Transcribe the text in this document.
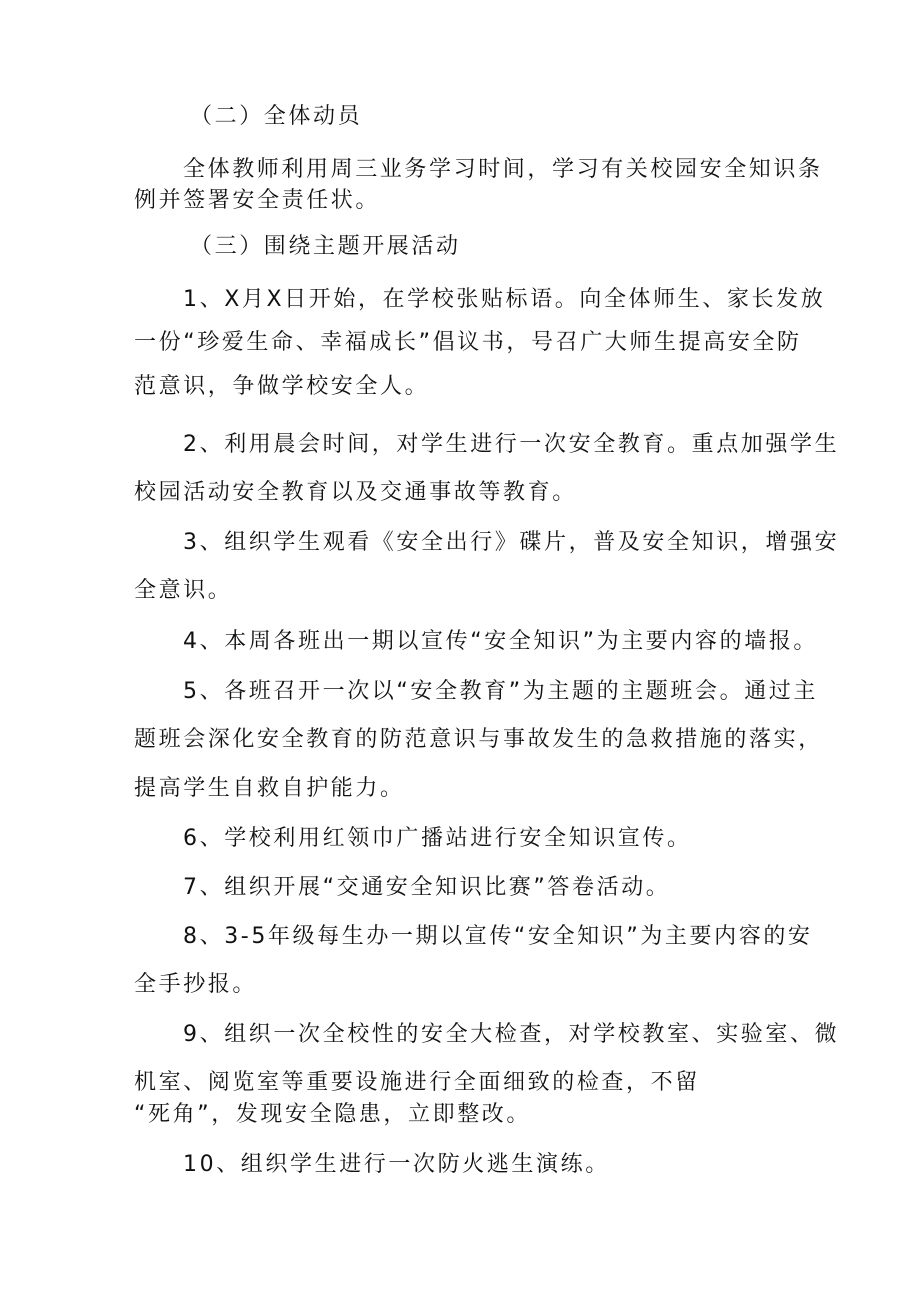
（二）全体动员
全体教师利用周三业务学习时间，学习有关校园安全知识条
例并签署安全责任状。
（三）围绕主题开展活动
1、X月X日开始，在学校张贴标语。向全体师生、家长发放
一份“珍爱生命、幸福成长”倡议书，号召广大师生提高安全防
范意识，争做学校安全人。
2、利用晨会时间，对学生进行一次安全教育。重点加强学生
校园活动安全教育以及交通事故等教育。
3、组织学生观看《安全出行》碟片，普及安全知识，增强安
全意识。
4、本周各班出一期以宣传“安全知识”为主要内容的墙报。
5、各班召开一次以“安全教育”为主题的主题班会。通过主
题班会深化安全教育的防范意识与事故发生的急救措施的落实，
提高学生自救自护能力。
6、学校利用红领巾广播站进行安全知识宣传。
7、组织开展“交通安全知识比赛”答卷活动。
8、3-5年级每生办一期以宣传“安全知识”为主要内容的安
全手抄报。
9、组织一次全校性的安全大检查，对学校教室、实验室、微
机室、阅览室等重要设施进行全面细致的检查，不留
“死角”，发现安全隐患，立即整改。
10、组织学生进行一次防火逃生演练。
